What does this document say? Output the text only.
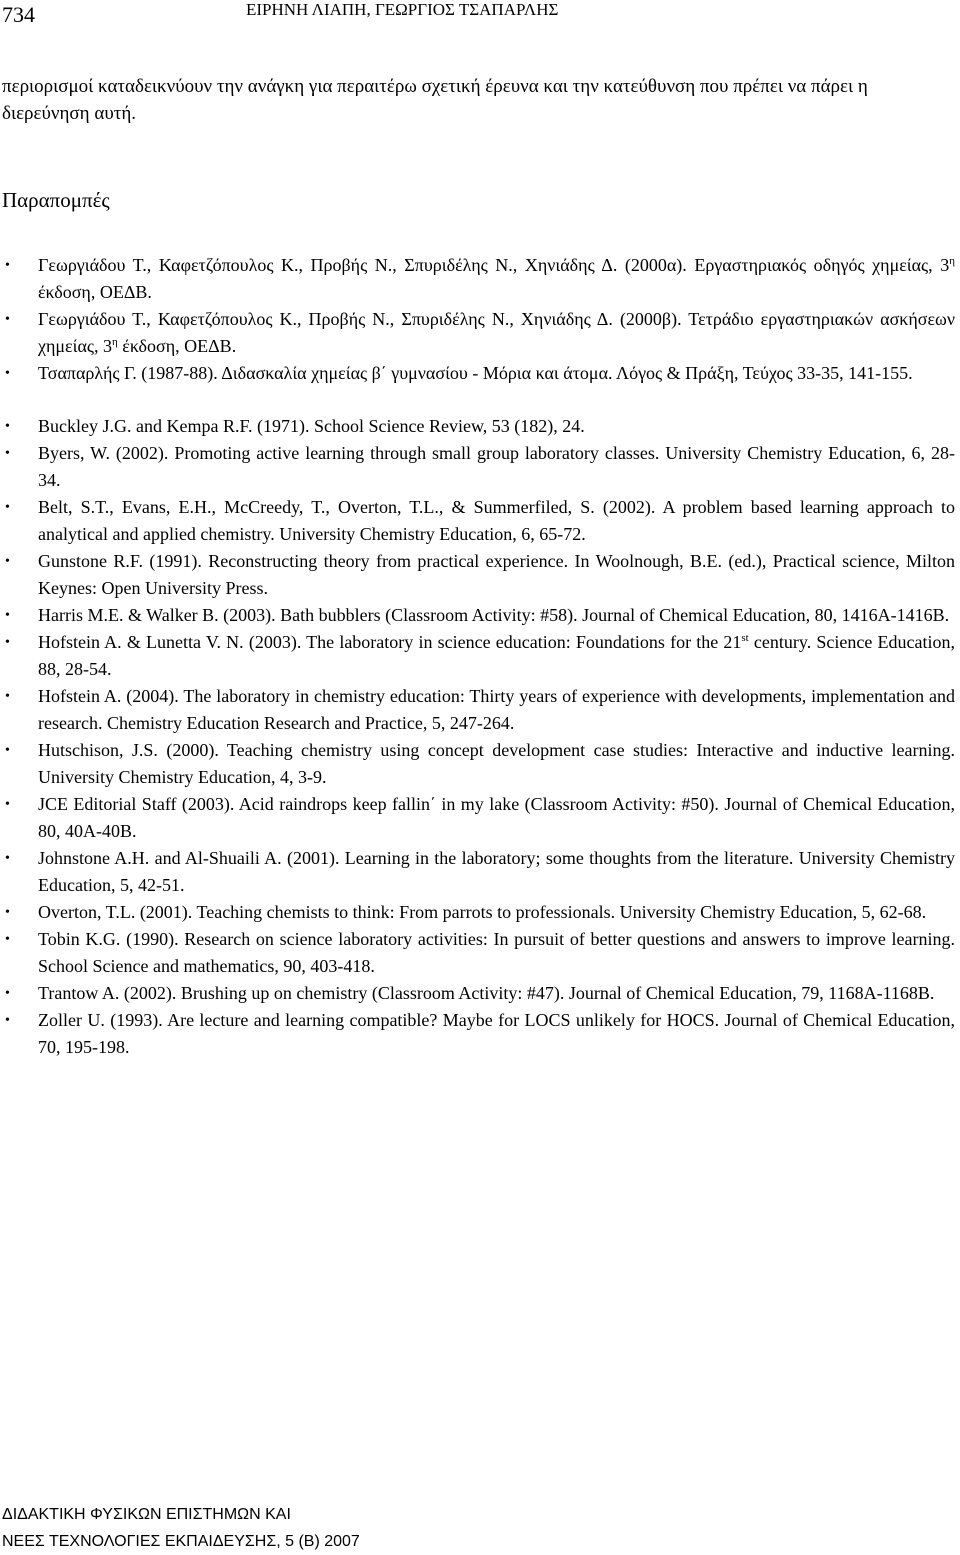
734	ΕΙΡΗΝΗ ΛΙΑΠΗ, ΓΕΩΡΓΙΟΣ ΤΣΑΠΑΡΛΗΣ

περιορισμοί καταδεικνύουν την ανάγκη για περαιτέρω σχετική έρευνα και την κατεύθυνση που πρέπει να πάρει η διερεύνηση αυτή.

Παραπομπές
• Γεωργιάδου Τ., Καφετζόπουλος Κ., Προβής Ν., Σπυριδέλης Ν., Χηνιάδης Δ. (2000α). Εργαστηριακός οδηγός χημείας, $3^\eta$ έκδοση, ΟΕΔΒ.
• Γεωργιάδου Τ., Καφετζόπουλος Κ., Προβής Ν., Σπυριδέλης Ν., Χηνιάδης Δ. (2000β). Τετράδιο εργαστηριακών ασκήσεων χημείας, $3^\eta$ έκδοση, ΟΕΔΒ.
• Τσαπαρλής Γ. (1987-88). Διδασκαλία χημείας β΄ γυμνασίου - Μόρια και άτομα. Λόγος & Πράξη, Τεύχος 33-35, 141-155.
• Buckley J.G. and Kempa R.F. (1971). School Science Review, 53 (182), 24.
• Byers, W. (2002). Promoting active learning through small group laboratory classes. University Chemistry Education, 6, 28-34.
• Belt, S.T., Evans, E.H., McCreedy, T., Overton, T.L., & Summerfiled, S. (2002). A problem based learning approach to analytical and applied chemistry. University Chemistry Education, 6, 65-72.
• Gunstone R.F. (1991). Reconstructing theory from practical experience. In Woolnough, B.E. (ed.), Practical science, Milton Keynes: Open University Press.
• Harris M.E. & Walker B. (2003). Bath bubblers (Classroom Activity: #58). Journal of Chemical Education, 80, 1416A-1416B.
• Hofstein A. & Lunetta V. N. (2003). The laboratory in science education: Foundations for the 21st century. Science Education, 88, 28-54.
• Hofstein A. (2004). The laboratory in chemistry education: Thirty years of experience with developments, implementation and research. Chemistry Education Research and Practice, 5, 247-264.
• Hutschison, J.S. (2000). Teaching chemistry using concept development case studies: Interactive and inductive learning. University Chemistry Education, 4, 3-9.
• JCE Editorial Staff (2003). Acid raindrops keep fallin΄ in my lake (Classroom Activity: #50). Journal of Chemical Education, 80, 40A-40B.
• Johnstone A.H. and Al-Shuaili A. (2001). Learning in the laboratory; some thoughts from the literature. University Chemistry Education, 5, 42-51.
• Overton, T.L. (2001). Teaching chemists to think: From parrots to professionals. University Chemistry Education, 5, 62-68.
• Tobin K.G. (1990). Research on science laboratory activities: In pursuit of better questions and answers to improve learning. School Science and mathematics, 90, 403-418.
• Trantow A. (2002). Brushing up on chemistry (Classroom Activity: #47). Journal of Chemical Education, 79, 1168A-1168B.
• Zoller U. (1993). Are lecture and learning compatible? Maybe for LOCS unlikely for HOCS. Journal of Chemical Education, 70, 195-198.
ΔΙΔΑΚΤΙΚΗ ΦΥΣΙΚΩΝ ΕΠΙΣΤΗΜΩΝ ΚΑΙ
ΝΕΕΣ ΤΕΧΝΟΛΟΓΙΕΣ ΕΚΠΑΙΔΕΥΣΗΣ, 5 (Β) 2007
